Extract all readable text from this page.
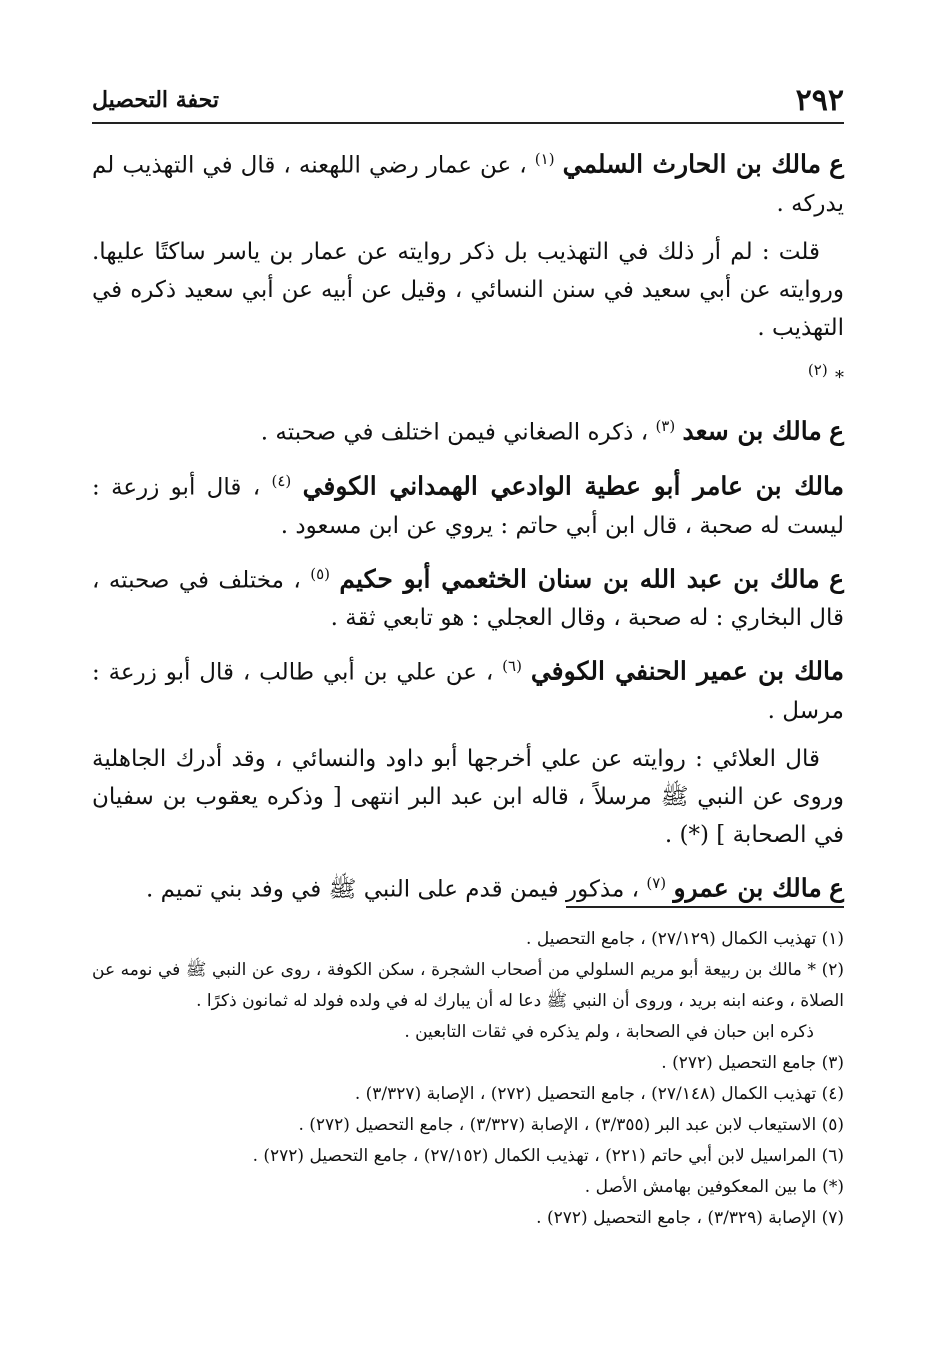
٢٩٢
تحفة التحصيل

ع مالك بن الحارث السلمي $^{(١)}$ ، عن عمار رضي اللهعنه ، قال في التهذيب لم يدركه .

قلت : لم أر ذلك في التهذيب بل ذكر روايته عن عمار بن ياسر ساكتًا عليها. وروايته عن أبي سعيد في سنن النسائي ، وقيل عن أبيه عن أبي سعيد ذكره في التهذيب .

* $^{(٢)}$

ع مالك بن سعد $^{(٣)}$ ، ذكره الصغاني فيمن اختلف في صحبته .

مالك بن عامر أبو عطية الوادعي الهمداني الكوفي $^{(٤)}$ ، قال أبو زرعة : ليست له صحبة ، قال ابن أبي حاتم : يروي عن ابن مسعود .

ع مالك بن عبد الله بن سنان الخثعمي أبو حكيم $^{(٥)}$ ، مختلف في صحبته ، قال البخاري : له صحبة ، وقال العجلي : هو تابعي ثقة .

مالك بن عمير الحنفي الكوفي $^{(٦)}$ ، عن علي بن أبي طالب ، قال أبو زرعة : مرسل .

قال العلائي : روايته عن علي أخرجها أبو داود والنسائي ، وقد أدرك الجاهلية وروى عن النبي ﷺ مرسلاً ، قاله ابن عبد البر انتهى [ وذكره يعقوب بن سفيان في الصحابة ] (*) .

ع مالك بن عمرو $^{(٧)}$ ، مذكور فيمن قدم على النبي ﷺ في وفد بني تميم .

(١) تهذيب الكمال (٢٧/١٢٩) ، جامع التحصيل .

(٢) * مالك بن ربيعة أبو مريم السلولي من أصحاب الشجرة ، سكن الكوفة ، روى عن النبي ﷺ في نومه عن الصلاة ، وعنه ابنه بريد ، وروى أن النبي ﷺ دعا له أن يبارك له في ولده فولد له ثمانون ذكرًا .

ذكره ابن حبان في الصحابة ، ولم يذكره في ثقات التابعين .

(٣) جامع التحصيل (٢٧٢) .

(٤) تهذيب الكمال (٢٧/١٤٨) ، جامع التحصيل (٢٧٢) ، الإصابة (٣/٣٢٧) .

(٥) الاستيعاب لابن عبد البر (٣/٣٥٥) ، الإصابة (٣/٣٢٧) ، جامع التحصيل (٢٧٢) .

(٦) المراسيل لابن أبي حاتم (٢٢١) ، تهذيب الكمال (٢٧/١٥٢) ، جامع التحصيل (٢٧٢) .

(*) ما بين المعكوفين بهامش الأصل .

(٧) الإصابة (٣/٣٢٩) ، جامع التحصيل (٢٧٢) .
